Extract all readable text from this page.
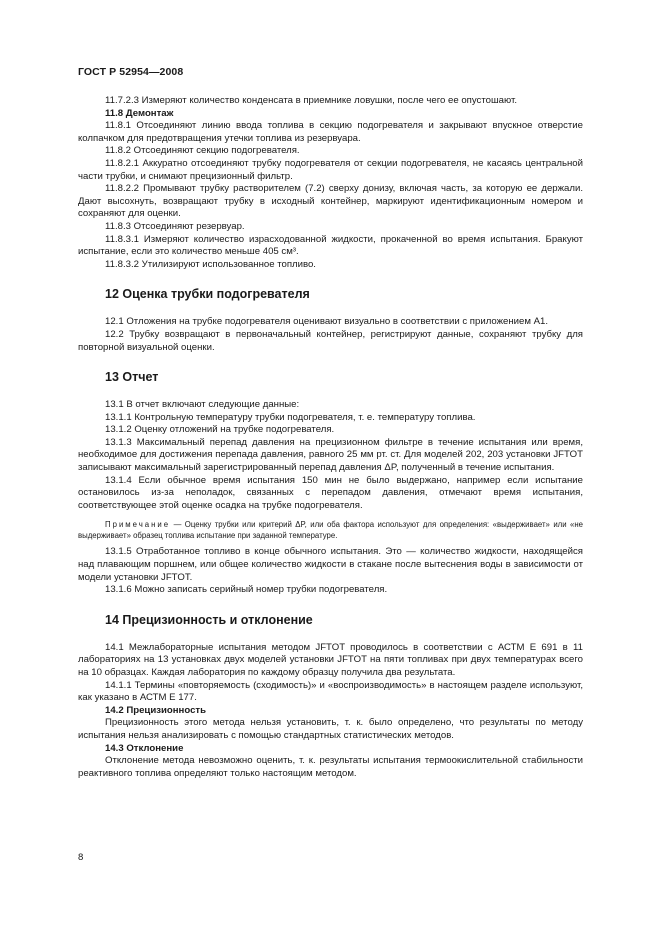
ГОСТ Р 52954—2008

11.7.2.3 Измеряют количество конденсата в приемнике ловушки, после чего ее опустошают.

11.8 Демонтаж

11.8.1 Отсоединяют линию ввода топлива в секцию подогревателя и закрывают впускное отверстие колпачком для предотвращения утечки топлива из резервуара.

11.8.2 Отсоединяют секцию подогревателя.

11.8.2.1 Аккуратно отсоединяют трубку подогревателя от секции подогревателя, не касаясь центральной части трубки, и снимают прецизионный фильтр.

11.8.2.2 Промывают трубку растворителем (7.2) сверху донизу, включая часть, за которую ее держали. Дают высохнуть, возвращают трубку в исходный контейнер, маркируют идентификационным номером и сохраняют для оценки.

11.8.3 Отсоединяют резервуар.

11.8.3.1 Измеряют количество израсходованной жидкости, прокаченной во время испытания. Бракуют испытание, если это количество меньше 405 см³.

11.8.3.2 Утилизируют использованное топливо.

12 Оценка трубки подогревателя

12.1 Отложения на трубке подогревателя оценивают визуально в соответствии с приложением А1.

12.2 Трубку возвращают в первоначальный контейнер, регистрируют данные, сохраняют трубку для повторной визуальной оценки.

13 Отчет

13.1 В отчет включают следующие данные:

13.1.1 Контрольную температуру трубки подогревателя, т. е. температуру топлива.

13.1.2 Оценку отложений на трубке подогревателя.

13.1.3 Максимальный перепад давления на прецизионном фильтре в течение испытания или время, необходимое для достижения перепада давления, равного 25 мм рт. ст. Для моделей 202, 203 установки JFTOT записывают максимальный зарегистрированный перепад давления ΔP, полученный в течение испытания.

13.1.4 Если обычное время испытания 150 мин не было выдержано, например если испытание остановилось из-за неполадок, связанных с перепадом давления, отмечают время испытания, соответствующее этой оценке осадка на трубке подогревателя.

Примечание — Оценку трубки или критерий ΔP, или оба фактора используют для определения: «выдерживает» или «не выдерживает» образец топлива испытание при заданной температуре.

13.1.5 Отработанное топливо в конце обычного испытания. Это — количество жидкости, находящейся над плавающим поршнем, или общее количество жидкости в стакане после вытеснения воды в зависимости от модели установки JFTOT.

13.1.6 Можно записать серийный номер трубки подогревателя.

14 Прецизионность и отклонение

14.1 Межлабораторные испытания методом JFTOT проводилось в соответствии с АСТМ Е 691 в 11 лабораториях на 13 установках двух моделей установки JFTOT на пяти топливах при двух температурах всего на 10 образцах. Каждая лаборатория по каждому образцу получила два результата.

14.1.1 Термины «повторяемость (сходимость)» и «воспроизводимость» в настоящем разделе используют, как указано в АСТМ Е 177.

14.2 Прецизионность

Прецизионность этого метода нельзя установить, т. к. было определено, что результаты по методу испытания нельзя анализировать с помощью стандартных статистических методов.

14.3 Отклонение

Отклонение метода невозможно оценить, т. к. результаты испытания термоокислительной стабильности реактивного топлива определяют только настоящим методом.

8
